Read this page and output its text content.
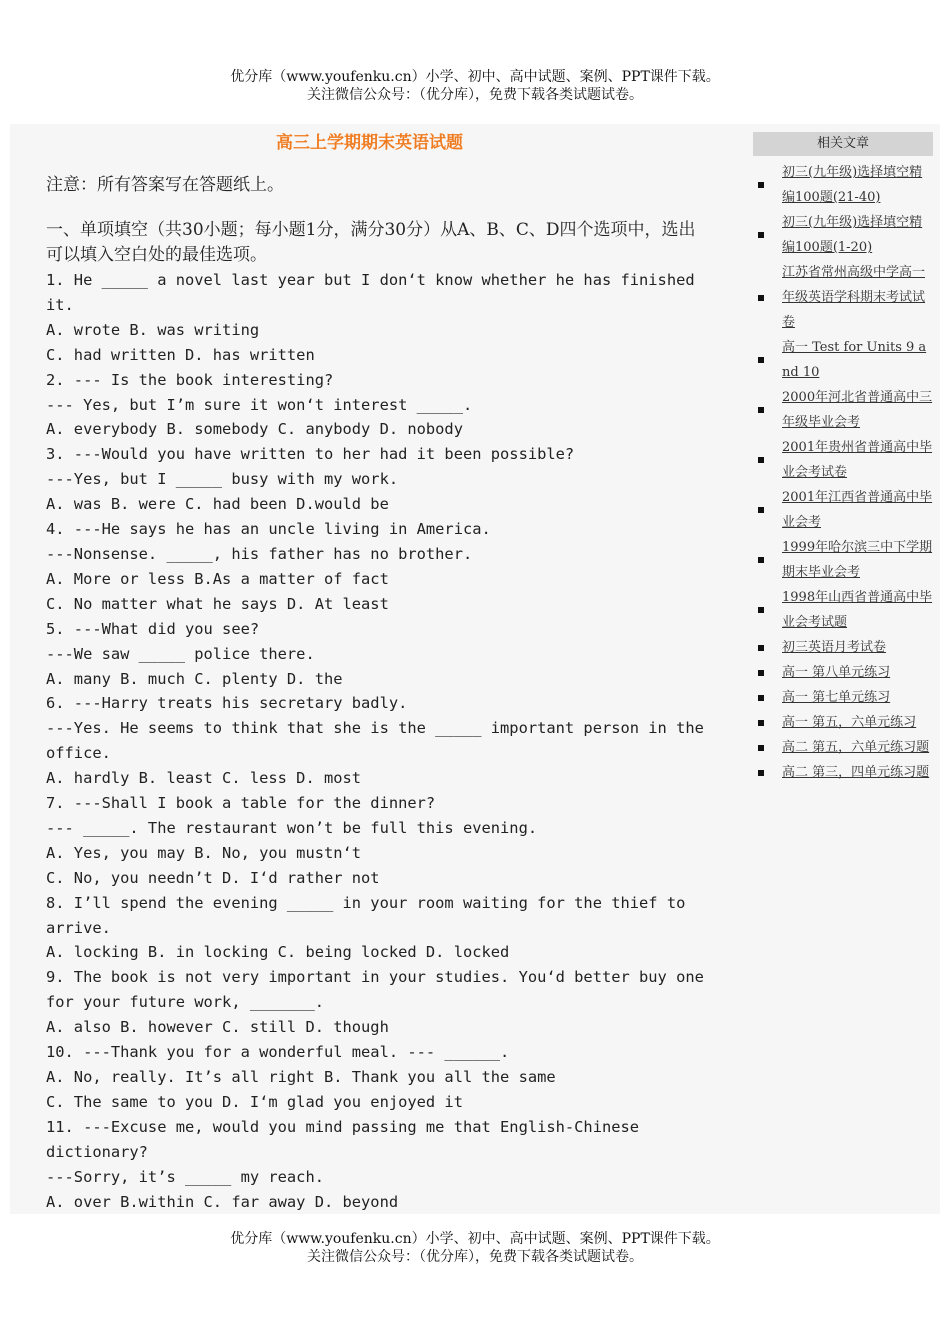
优分库（www.youfenku.cn）小学、初中、高中试题、案例、PPT课件下载。
关注微信公众号：（优分库），免费下载各类试题试卷。
高三上学期期末英语试题
注意：所有答案写在答题纸上。
一、单项填空（共30小题；每小题1分，满分30分）从A、B、C、D四个选项中，选出可以填入空白处的最佳选项。
1. He _____ a novel last year but I don‘t know whether he has finished it.
A. wrote B. was writing
C. had written D. has written
2. --- Is the book interesting?
--- Yes, but I’m sure it won‘t interest _____.
A. everybody B. somebody C. anybody D. nobody
3. ---Would you have written to her had it been possible?
---Yes, but I _____ busy with my work.
A. was B. were C. had been D.would be
4. ---He says he has an uncle living in America.
---Nonsense. _____, his father has no brother.
A. More or less B.As a matter of fact
C. No matter what he says D. At least
5. ---What did you see?
---We saw _____ police there.
A. many B. much C. plenty D. the
6. ---Harry treats his secretary badly.
---Yes. He seems to think that she is the _____ important person in the office.
A. hardly B. least C. less D. most
7. ---Shall I book a table for the dinner?
--- _____. The restaurant won’t be full this evening.
A. Yes, you may B. No, you mustn‘t
C. No, you needn’t D. I‘d rather not
8. I’ll spend the evening _____ in your room waiting for the thief to arrive.
A. locking B. in locking C. being locked D. locked
9. The book is not very important in your studies. You‘d better buy one for your future work, _______.
A. also B. however C. still D. though
10. ---Thank you for a wonderful meal. --- ______.
A. No, really. It’s all right B. Thank you all the same
C. The same to you D. I‘m glad you enjoyed it
11. ---Excuse me, would you mind passing me that English-Chinese dictionary?
---Sorry, it’s _____ my reach.
A. over B.within C. far away D. beyond
相关文章
初三(九年级)选择填空精编100题(21-40)
初三(九年级)选择填空精编100题(1-20)
江苏省常州高级中学高一年级英语学科期末考试试卷
高一 Test for Units 9 and 10
2000年河北省普通高中三年级毕业会考
2001年贵州省普通高中毕业会考试卷
2001年江西省普通高中毕业会考
1999年哈尔滨三中下学期期末毕业会考
1998年山西省普通高中毕业会考试题
初三英语月考试卷
高一 第八单元练习
高一 第七单元练习
高一 第五，六单元练习
高二 第五，六单元练习题
高二 第三，四单元练习题
优分库（www.youfenku.cn）小学、初中、高中试题、案例、PPT课件下载。
关注微信公众号：（优分库），免费下载各类试题试卷。
